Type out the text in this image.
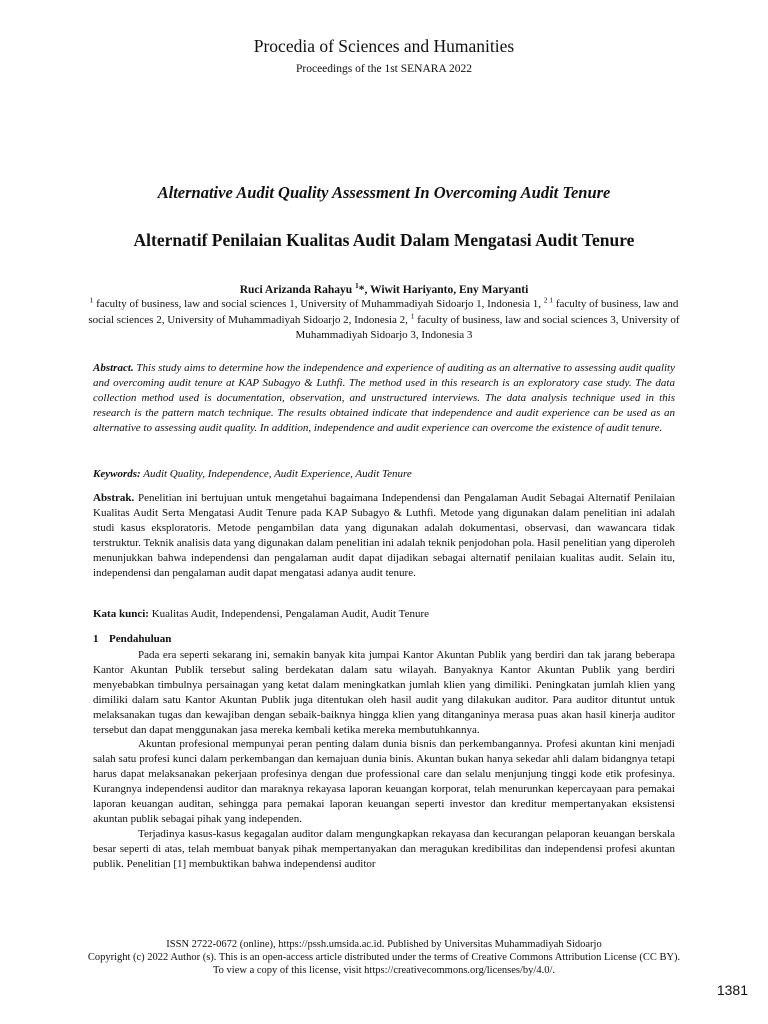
Procedia of Sciences and Humanities
Proceedings of the 1st SENARA 2022
Alternative Audit Quality Assessment In Overcoming Audit Tenure
Alternatif Penilaian Kualitas Audit Dalam Mengatasi Audit Tenure
Ruci Arizanda Rahayu $^1$*, Wiwit Hariyanto, Eny Maryanti
$^1$ faculty of business, law and social sciences 1, University of Muhammadiyah Sidoarjo 1, Indonesia 1, $^{2 1}$ faculty of business, law and social sciences 2, University of Muhammadiyah Sidoarjo 2, Indonesia 2, $^1$ faculty of business, law and social sciences 3, University of Muhammadiyah Sidoarjo 3, Indonesia 3
Abstract. This study aims to determine how the independence and experience of auditing as an alternative to assessing audit quality and overcoming audit tenure at KAP Subagyo & Luthfi. The method used in this research is an exploratory case study. The data collection method used is documentation, observation, and unstructured interviews. The data analysis technique used in this research is the pattern match technique. The results obtained indicate that independence and audit experience can be used as an alternative to assessing audit quality. In addition, independence and audit experience can overcome the existence of audit tenure.
Keywords: Audit Quality, Independence, Audit Experience, Audit Tenure
Abstrak. Penelitian ini bertujuan untuk mengetahui bagaimana Independensi dan Pengalaman Audit Sebagai Alternatif Penilaian Kualitas Audit Serta Mengatasi Audit Tenure pada KAP Subagyo & Luthfi. Metode yang digunakan dalam penelitian ini adalah studi kasus eksploratoris. Metode pengambilan data yang digunakan adalah dokumentasi, observasi, dan wawancara tidak terstruktur. Teknik analisis data yang digunakan dalam penelitian ini adalah teknik penjodohan pola. Hasil penelitian yang diperoleh menunjukkan bahwa independensi dan pengalaman audit dapat dijadikan sebagai alternatif penilaian kualitas audit. Selain itu, independensi dan pengalaman audit dapat mengatasi adanya audit tenure.
Kata kunci: Kualitas Audit, Independensi, Pengalaman Audit, Audit Tenure
1 Pendahuluan

Pada era seperti sekarang ini, semakin banyak kita jumpai Kantor Akuntan Publik yang berdiri dan tak jarang beberapa Kantor Akuntan Publik tersebut saling berdekatan dalam satu wilayah. Banyaknya Kantor Akuntan Publik yang berdiri menyebabkan timbulnya persainagan yang ketat dalam meningkatkan jumlah klien yang dimiliki. Peningkatan jumlah klien yang dimiliki dalam satu Kantor Akuntan Publik juga ditentukan oleh hasil audit yang dilakukan auditor. Para auditor dituntut untuk melaksanakan tugas dan kewajiban dengan sebaik-baiknya hingga klien yang ditanganinya merasa puas akan hasil kinerja auditor tersebut dan dapat menggunakan jasa mereka kembali ketika mereka membutuhkannya.

Akuntan profesional mempunyai peran penting dalam dunia bisnis dan perkembangannya. Profesi akuntan kini menjadi salah satu profesi kunci dalam perkembangan dan kemajuan dunia binis. Akuntan bukan hanya sekedar ahli dalam bidangnya tetapi harus dapat melaksanakan pekerjaan profesinya dengan due professional care dan selalu menjunjung tinggi kode etik profesinya. Kurangnya independensi auditor dan maraknya rekayasa laporan keuangan korporat, telah menurunkan kepercayaan para pemakai laporan keuangan auditan, sehingga para pemakai laporan keuangan seperti investor dan kreditur mempertanyakan eksistensi akuntan publik sebagai pihak yang independen.

Terjadinya kasus-kasus kegagalan auditor dalam mengungkapkan rekayasa dan kecurangan pelaporan keuangan berskala besar seperti di atas, telah membuat banyak pihak mempertanyakan dan meragukan kredibilitas dan independensi profesi akuntan publik. Penelitian [1] membuktikan bahwa independensi auditor

ISSN 2722-0672 (online), https://pssh.umsida.ac.id. Published by Universitas Muhammadiyah Sidoarjo
Copyright (c) 2022 Author (s). This is an open-access article distributed under the terms of Creative Commons Attribution License (CC BY).
To view a copy of this license, visit https://creativecommons.org/licenses/by/4.0/.
1381
